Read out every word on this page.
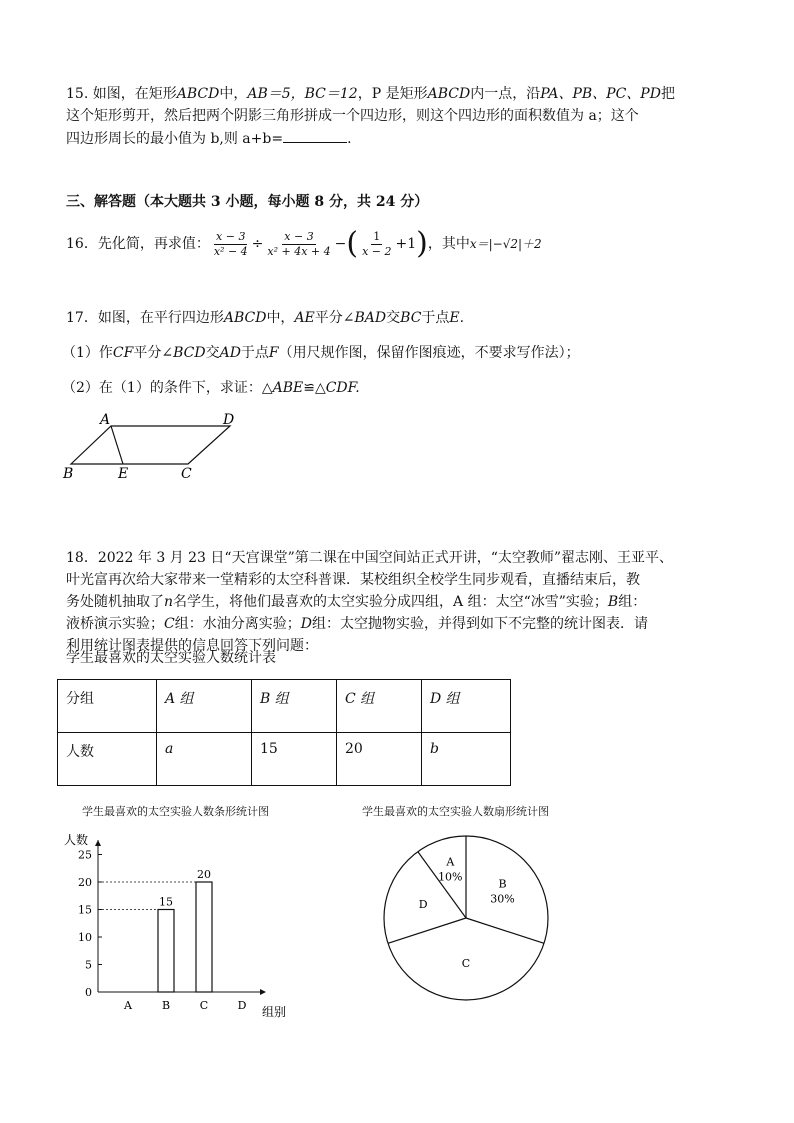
15. 如图，在矩形ABCD中，AB＝5，BC＝12，P 是矩形ABCD内一点，沿PA、PB、PC、PD把
这个矩形剪开，然后把两个阴影三角形拼成一个四边形，则这个四边形的面积数值为 a；这个
四边形周长的最小值为 b,则 a+b=	.
三、解答题（本大题共 3 小题，每小题 8 分，共 24 分）
16．先化简，再求值： $\frac{x - 3}{\text{x² − 4}} \div \frac{x - 3}{\text{x² + 4x + 4}}$ − ( $\frac{1}{x - 2} +1$ ) ，其中 x＝|−√2|＋2
17．如图，在平行四边形ABCD中，AE平分∠BAD交BC于点E.
（1）作CF平分∠BCD交AD于点F（用尺规作图，保留作图痕迹，不要求写作法）；
（2）在（1）的条件下，求证：△ABE≌△CDF.
A	D
B	E	C
18．2022 年 3 月 23 日“天宫课堂”第二课在中国空间站正式开讲，“太空教师”翟志刚、王亚平、
叶光富再次给大家带来一堂精彩的太空科普课．某校组织全校学生同步观看，直播结束后，教
务处随机抽取了n名学生，将他们最喜欢的太空实验分成四组，A 组：太空“冰雪”实验；B组：
液桥演示实验；C组：水油分离实验；D组：太空抛物实验，并得到如下不完整的统计图表．请
利用统计图表提供的信息回答下列问题：
学生最喜欢的太空实验人数统计表
分组	A 组	B 组	C 组	D 组
人数	a	15	20	b
学生最喜欢的太空实验人数条形统计图
人数
组别
0
5
10
15
20
25
A	B
15
C
20
D
学生最喜欢的太空实验人数扇形统计图
A
10%
B
30%
C
D
